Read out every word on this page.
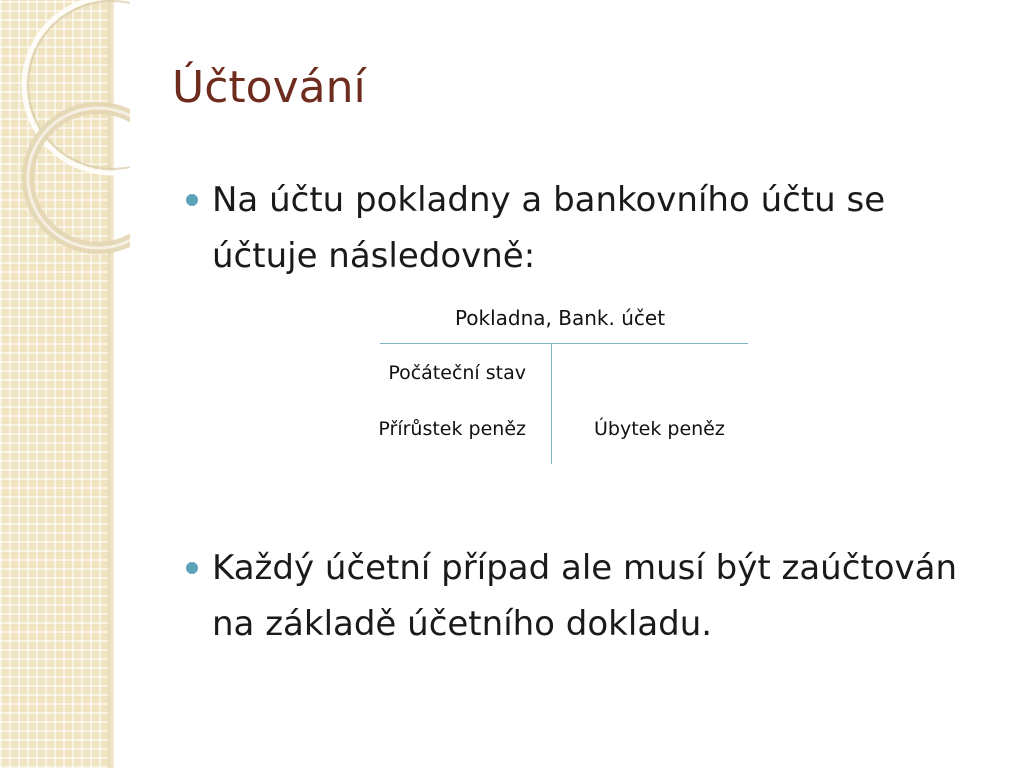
Účtování
Na účtu pokladny a bankovního účtu se účtuje následovně:
Pokladna, Bank. účet
Počáteční stav
Přírůstek peněz	Úbytek peněz
Každý účetní případ ale musí být zaúčtován na základě účetního dokladu.
